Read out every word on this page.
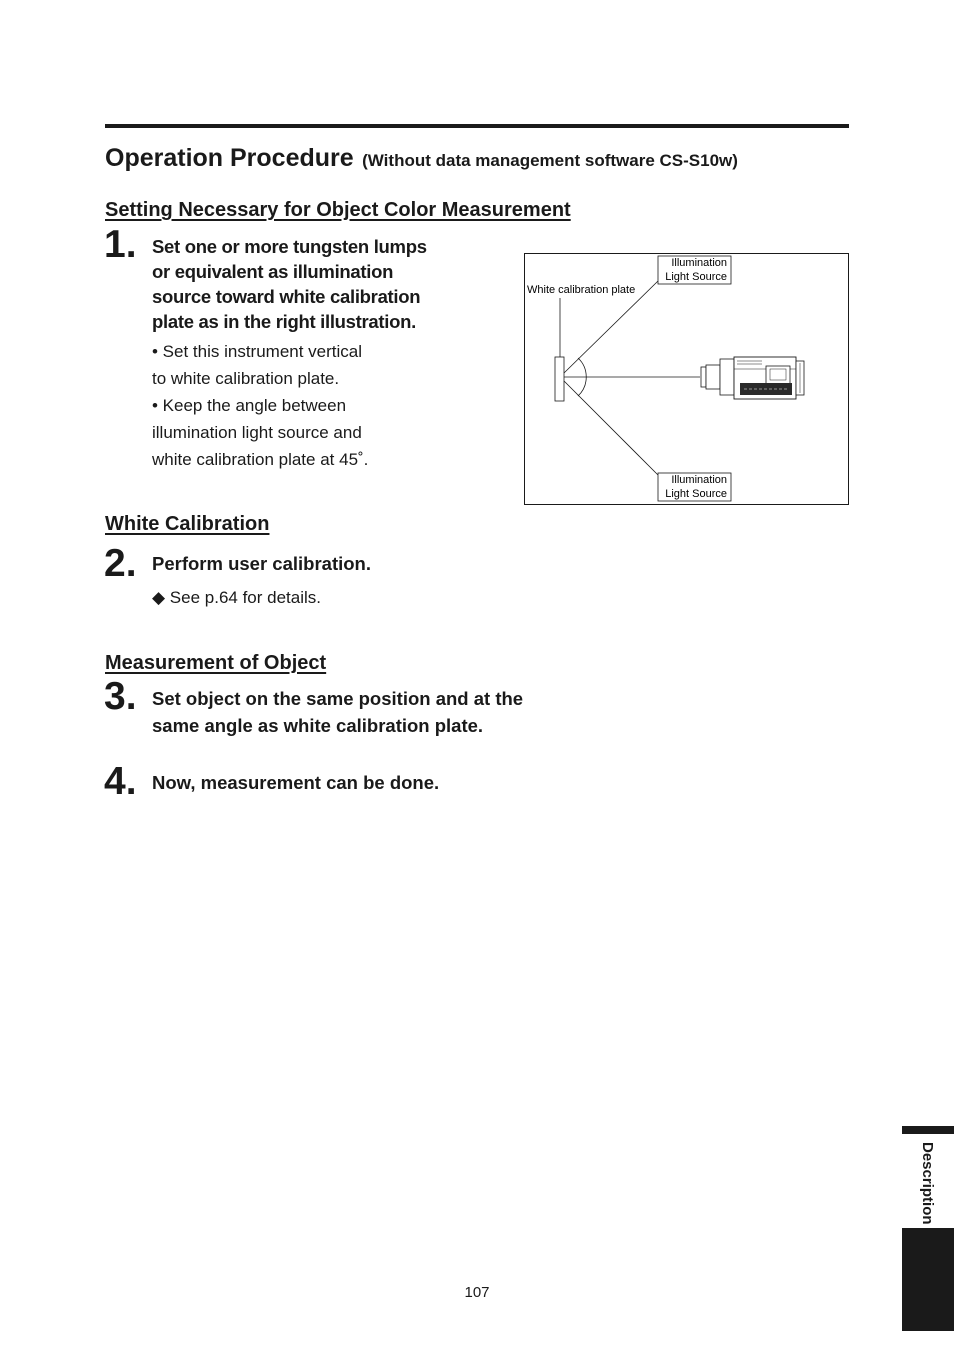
Operation Procedure (Without data management software CS-S10w)
Setting Necessary for Object Color Measurement
1. Set one or more tungsten lumps
or equivalent as illumination
source toward white calibration
plate as in the right illustration.

• Set this instrument vertical

to white calibration plate.

• Keep the angle between

illumination light source and

white calibration plate at 45˚.

Illumination
Light Source
Illumination
Light Source
White calibration plate
White Calibration
2. Perform user calibration.
◆ See p.64 for details.
Measurement of Object
3. Set object on the same position and at the
same angle as white calibration plate.
4. Now, measurement can be done.
Description
107
